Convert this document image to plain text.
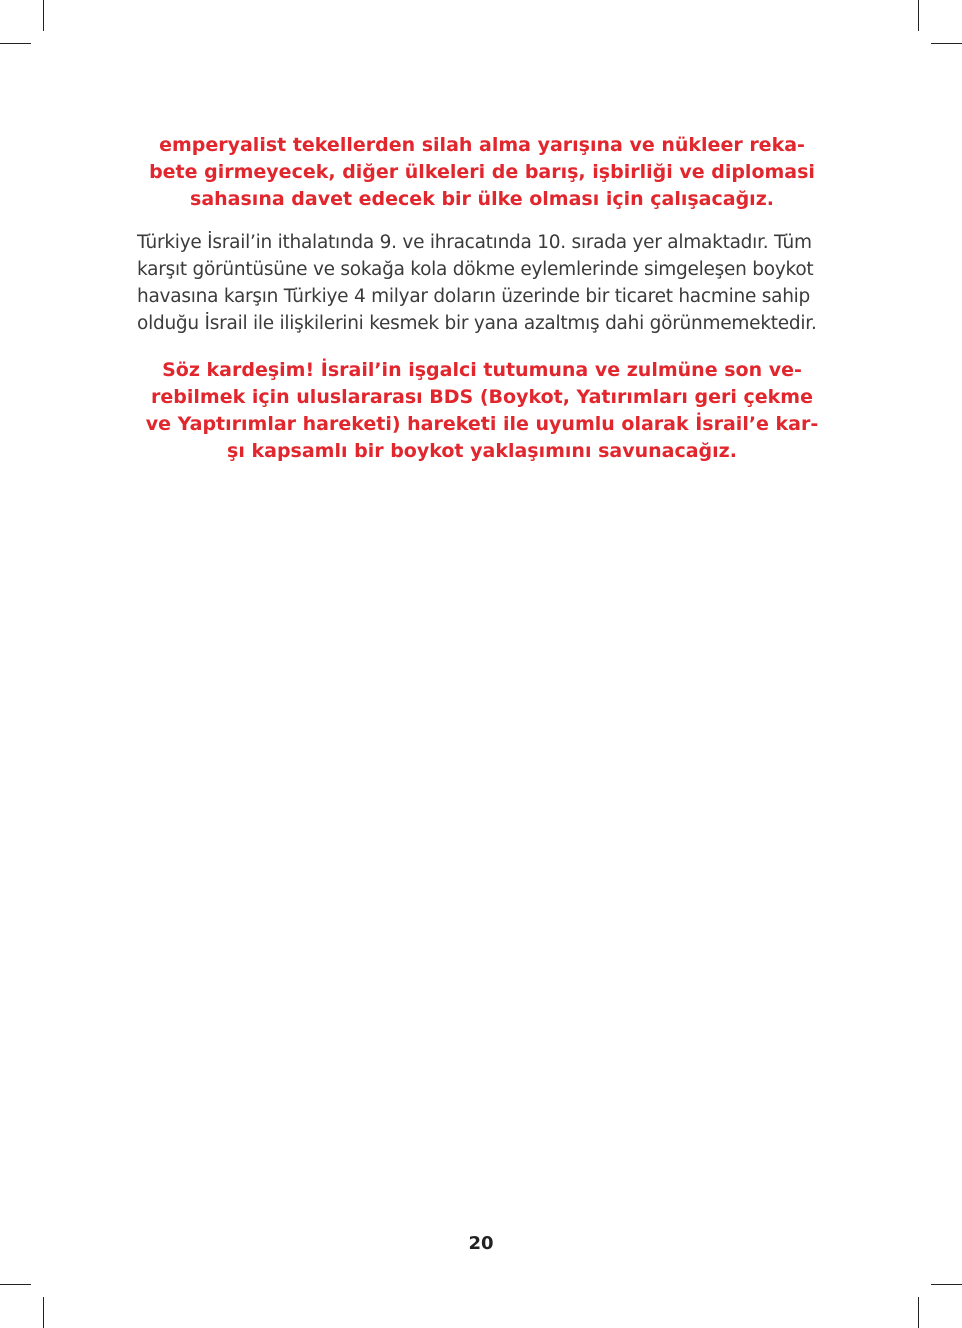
emperyalist tekellerden silah alma yarışına ve nükleer reka-
bete girmeyecek, diğer ülkeleri de barış, işbirliği ve diplomasi
sahasına davet edecek bir ülke olması için çalışacağız.

Türkiye İsrail’in ithalatında 9. ve ihracatında 10. sırada yer almaktadır. Tüm
karşıt görüntüsüne ve sokağa kola dökme eylemlerinde simgeleşen boykot
havasına karşın Türkiye 4 milyar doların üzerinde bir ticaret hacmine sahip
olduğu İsrail ile ilişkilerini kesmek bir yana azaltmış dahi görünmemektedir.

Söz kardeşim! İsrail’in işgalci tutumuna ve zulmüne son ve-
rebilmek için uluslararası BDS (Boykot, Yatırımları geri çekme
ve Yaptırımlar hareketi) hareketi ile uyumlu olarak İsrail’e kar-
şı kapsamlı bir boykot yaklaşımını savunacağız.

20
